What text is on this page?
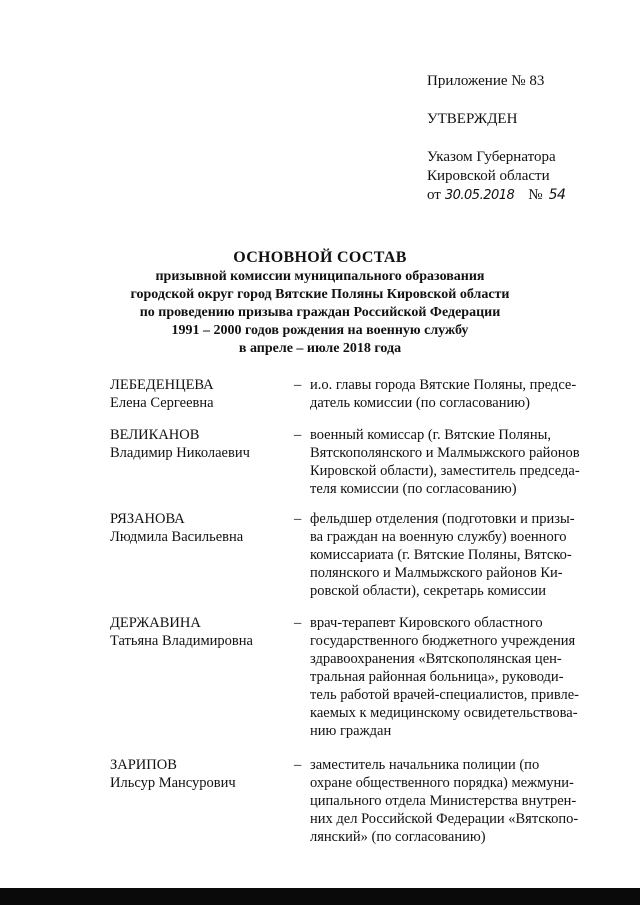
Приложение № 83
УТВЕРЖДЕН
Указом Губернатора
Кировской области
от 30.05.2018 № 54
ОСНОВНОЙ СОСТАВ
призывной комиссии муниципального образования
городской округ город Вятские Поляны Кировской области
по проведению призыва граждан Российской Федерации
1991 – 2000 годов рождения на военную службу
в апреле – июле 2018 года
ЛЕБЕДЕНЦЕВА
Елена Сергеевна
– и.о. главы города Вятские Поляны, предсе-
датель комиссии (по согласованию)
ВЕЛИКАНОВ
Владимир Николаевич
– военный комиссар (г. Вятские Поляны,
Вятскополянского и Малмыжского районов
Кировской области), заместитель председа-
теля комиссии (по согласованию)
РЯЗАНОВА
Людмила Васильевна
– фельдшер отделения (подготовки и призы-
ва граждан на военную службу) военного
комиссариата (г. Вятские Поляны, Вятско-
полянского и Малмыжского районов Ки-
ровской области), секретарь комиссии
ДЕРЖАВИНА
Татьяна Владимировна
– врач-терапевт Кировского областного
государственного бюджетного учреждения
здравоохранения «Вятскополянская цен-
тральная районная больница», руководи-
тель работой врачей-специалистов, привле-
каемых к медицинскому освидетельствова-
нию граждан
ЗАРИПОВ
Ильсур Мансурович
– заместитель начальника полиции (по
охране общественного порядка) межмуни-
ципального отдела Министерства внутрен-
них дел Российской Федерации «Вятскопо-
лянский» (по согласованию)
